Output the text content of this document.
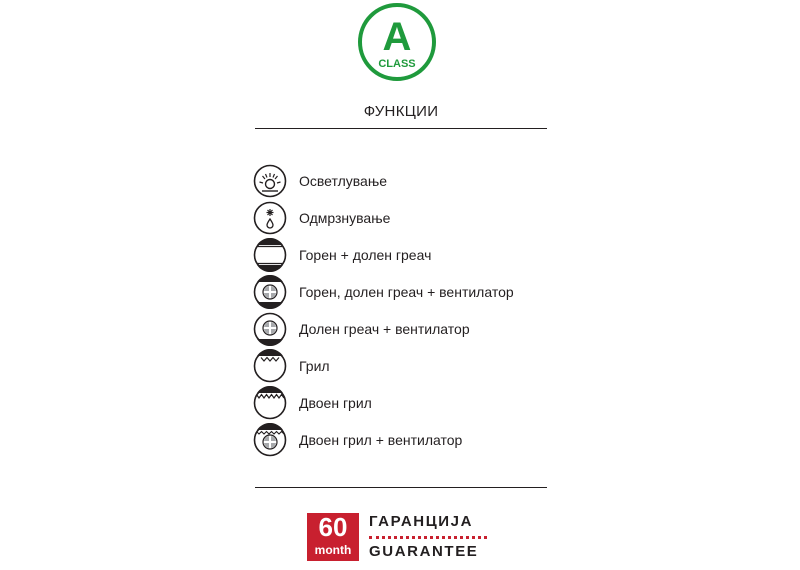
A
CLASS
ФУНКЦИИ
Осветлување
Одмрзнување
Горен + долен греач
Горен, долен греач + вентилатор
Долен греач + вентилатор
Грил
Двоен грил
Двоен грил + вентилатор
60
month
ГАРАНЦИЈА
GUARANTEE
